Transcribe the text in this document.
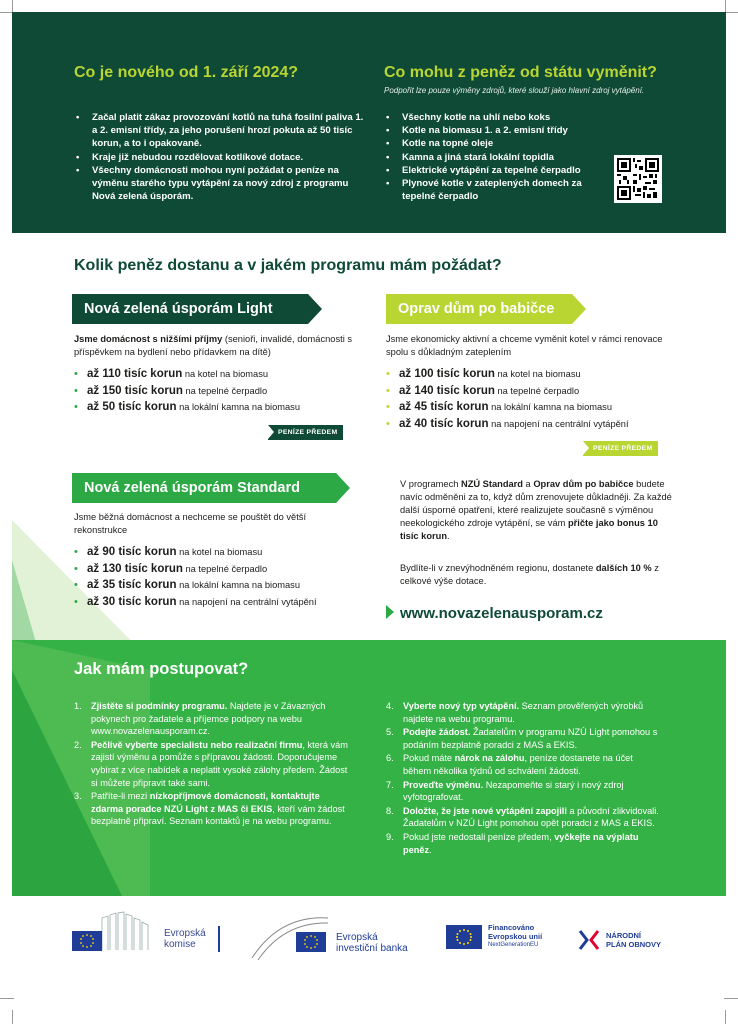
Co je nového od 1. září 2024?
• Začal platit zákaz provozování kotlů na tuhá fosilní paliva 1. a 2. emisní třídy, za jeho porušení hrozí pokuta až 50 tisíc korun, a to i opakovaně.
• Kraje již nebudou rozdělovat kotlíkové dotace.
• Všechny domácnosti mohou nyní požádat o peníze na výměnu starého typu vytápění za nový zdroj z programu Nová zelená úsporám.
Co mohu z peněz od státu vyměnit?
Podpořit lze pouze výměny zdrojů, které slouží jako hlavní zdroj vytápění.
• Všechny kotle na uhlí nebo koks
• Kotle na biomasu 1. a 2. emisní třídy
• Kotle na topné oleje
• Kamna a jiná stará lokální topidla
• Elektrické vytápění za tepelné čerpadlo
• Plynové kotle v zateplených domech za tepelné čerpadlo
Kolik peněz dostanu a v jakém programu mám požádat?
Nová zelená úsporám Light

Jsme domácnost s nižšími příjmy (senioři, invalidé, domácnosti s příspěvkem na bydlení nebo přídavkem na dítě)

• až 110 tisíc korun na kotel na biomasu
• až 150 tisíc korun na tepelné čerpadlo
• až 50 tisíc korun na lokální kamna na biomasu
PENÍZE PŘEDEM
Oprav dům po babičce

Jsme ekonomicky aktivní a chceme vyměnit kotel v rámci renovace spolu s důkladným zateplením

• až 100 tisíc korun na kotel na biomasu
• až 140 tisíc korun na tepelné čerpadlo
• až 45 tisíc korun na lokální kamna na biomasu
• až 40 tisíc korun na napojení na centrální vytápění
PENÍZE PŘEDEM
Nová zelená úsporám Standard

Jsme běžná domácnost a nechceme se pouštět do větší rekonstrukce

• až 90 tisíc korun na kotel na biomasu
• až 130 tisíc korun na tepelné čerpadlo
• až 35 tisíc korun na lokální kamna na biomasu
• až 30 tisíc korun na napojení na centrální vytápění

V programech NZÚ Standard a Oprav dům po babičce budete navíc odměněni za to, když dům zrenovujete důkladněji. Za každé další úsporné opatření, které realizujete současně s výměnou neekologického zdroje vytápění, se vám přičte jako bonus 10 tisíc korun.

Bydlíte-li v znevýhodněném regionu, dostanete dalších 10 % z celkové výše dotace.

www.novazelenausporam.cz
Jak mám postupovat?
1. Zjistěte si podmínky programu. Najdete je v Závazných pokynech pro žadatele a příjemce podpory na webu www.novazelenausporam.cz.
2. Pečlivě vyberte specialistu nebo realizační firmu, která vám zajistí výměnu a pomůže s přípravou žádosti. Doporučujeme vybírat z více nabídek a neplatit vysoké zálohy předem. Žádost si můžete připravit také sami.
3. Patříte-li mezi nízkopříjmové domácnosti, kontaktujte zdarma poradce NZÚ Light z MAS či EKIS, kteří vám žádost bezplatně připraví. Seznam kontaktů je na webu programu.
4. Vyberte nový typ vytápění. Seznam prověřených výrobků najdete na webu programu.
5. Podejte žádost. Žadatelům v programu NZÚ Light pomohou s podáním bezplatně poradci z MAS a EKIS.
6. Pokud máte nárok na zálohu, peníze dostanete na účet během několika týdnů od schválení žádosti.
7. Proveďte výměnu. Nezapomeňte si starý i nový zdroj vyfotografovat.
8. Doložte, že jste nové vytápění zapojili a původní zlikvidovali. Žadatelům v NZÚ Light pomohou opět poradci z MAS a EKIS.
9. Pokud jste nedostali peníze předem, vyčkejte na výplatu peněz.
Evropská
komise
Evropská
investiční banka
Financováno
Evropskou unií
NextGenerationEU
NÁRODNÍ
PLÁN OBNOVY
